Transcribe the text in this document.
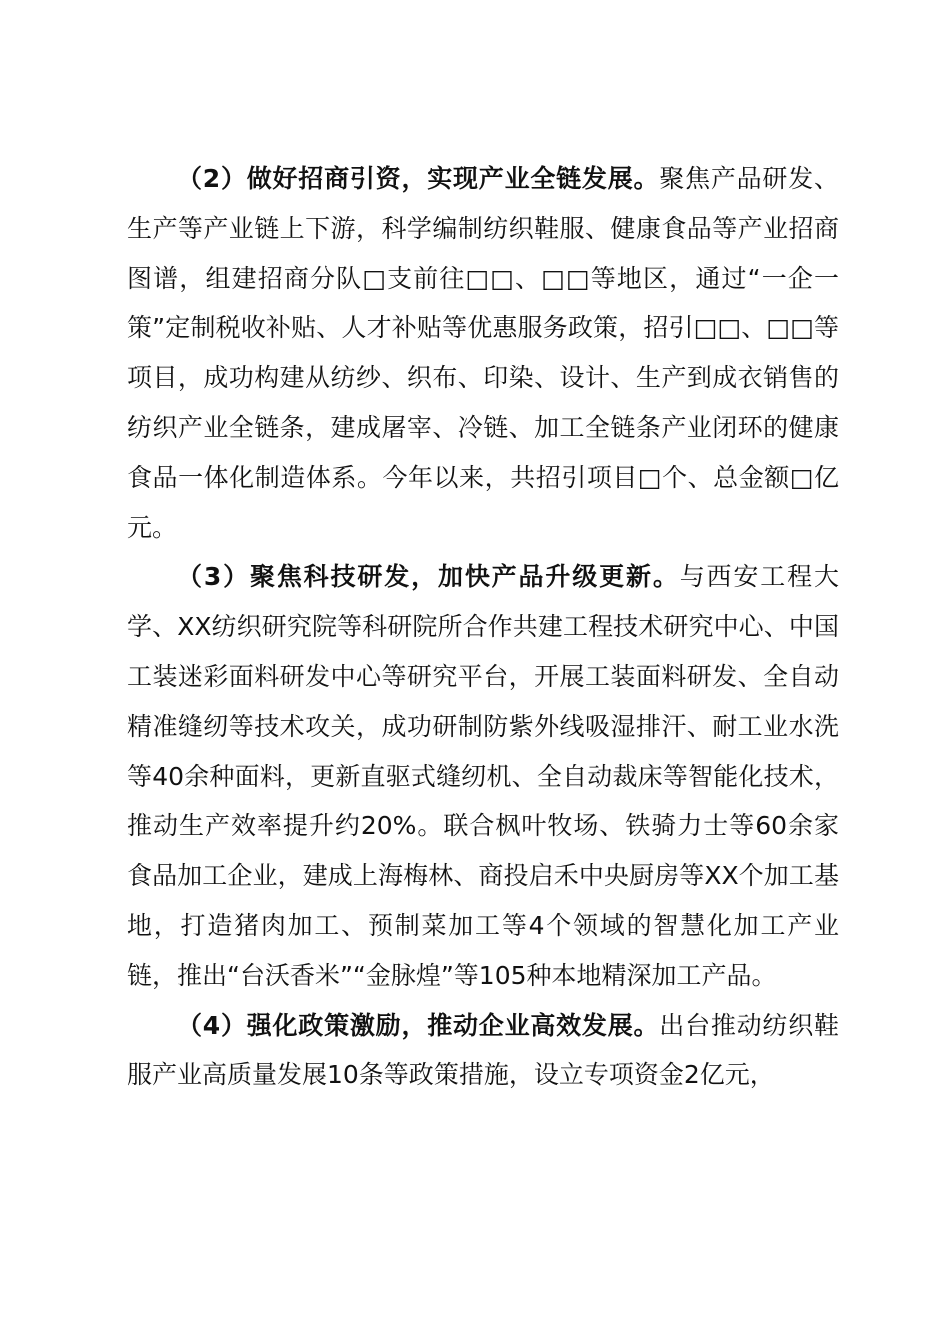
（2）做好招商引资，实现产业全链发展。聚焦产品研发、生产等产业链上下游，科学编制纺织鞋服、健康食品等产业招商图谱，组建招商分队□支前往□□、□□等地区，通过“一企一策”定制税收补贴、人才补贴等优惠服务政策，招引□□、□□等项目，成功构建从纺纱、织布、印染、设计、生产到成衣销售的纺织产业全链条，建成屠宰、冷链、加工全链条产业闭环的健康食品一体化制造体系。今年以来，共招引项目□个、总金额□亿元。

（3）聚焦科技研发，加快产品升级更新。与西安工程大学、XX纺织研究院等科研院所合作共建工程技术研究中心、中国工装迷彩面料研发中心等研究平台，开展工装面料研发、全自动精准缝纫等技术攻关，成功研制防紫外线吸湿排汗、耐工业水洗等40余种面料，更新直驱式缝纫机、全自动裁床等智能化技术，推动生产效率提升约20%。联合枫叶牧场、铁骑力士等60余家食品加工企业，建成上海梅林、商投启禾中央厨房等XX个加工基地，打造猪肉加工、预制菜加工等4个领域的智慧化加工产业链，推出“台沃香米”“金脉煌”等105种本地精深加工产品。

（4）强化政策激励，推动企业高效发展。出台推动纺织鞋服产业高质量发展10条等政策措施，设立专项资金2亿元，
